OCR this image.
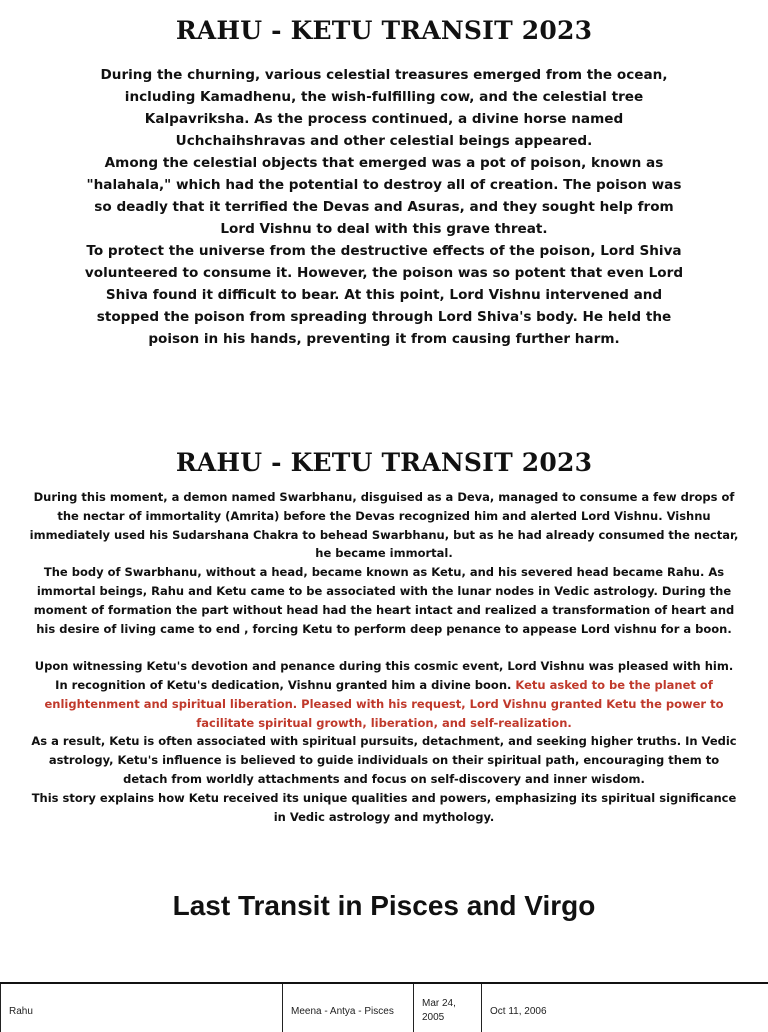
RAHU - KETU TRANSIT 2023

During the churning, various celestial treasures emerged from the ocean, including Kamadhenu, the wish-fulfilling cow, and the celestial tree Kalpavriksha. As the process continued, a divine horse named Uchchaihshravas and other celestial beings appeared.

Among the celestial objects that emerged was a pot of poison, known as "halahala," which had the potential to destroy all of creation. The poison was so deadly that it terrified the Devas and Asuras, and they sought help from Lord Vishnu to deal with this grave threat.

To protect the universe from the destructive effects of the poison, Lord Shiva volunteered to consume it. However, the poison was so potent that even Lord Shiva found it difficult to bear. At this point, Lord Vishnu intervened and stopped the poison from spreading through Lord Shiva's body. He held the poison in his hands, preventing it from causing further harm.

RAHU - KETU TRANSIT 2023

During this moment, a demon named Swarbhanu, disguised as a Deva, managed to consume a few drops of the nectar of immortality (Amrita) before the Devas recognized him and alerted Lord Vishnu. Vishnu immediately used his Sudarshana Chakra to behead Swarbhanu, but as he had already consumed the nectar, he became immortal.

The body of Swarbhanu, without a head, became known as Ketu, and his severed head became Rahu. As immortal beings, Rahu and Ketu came to be associated with the lunar nodes in Vedic astrology. During the moment of formation the part without head had the heart intact and realized a transformation of heart and his desire of living came to end , forcing Ketu to perform deep penance to appease Lord vishnu for a boon.

Upon witnessing Ketu's devotion and penance during this cosmic event, Lord Vishnu was pleased with him. In recognition of Ketu's dedication, Vishnu granted him a divine boon. Ketu asked to be the planet of enlightenment and spiritual liberation. Pleased with his request, Lord Vishnu granted Ketu the power to facilitate spiritual growth, liberation, and self-realization.

As a result, Ketu is often associated with spiritual pursuits, detachment, and seeking higher truths. In Vedic astrology, Ketu's influence is believed to guide individuals on their spiritual path, encouraging them to detach from worldly attachments and focus on self-discovery and inner wisdom.

This story explains how Ketu received its unique qualities and powers, emphasizing its spiritual significance in Vedic astrology and mythology.

Last Transit in Pisces and Virgo
Rahu	Meena - Antya - Pisces
Mar 24, 2005
Oct 11, 2006
